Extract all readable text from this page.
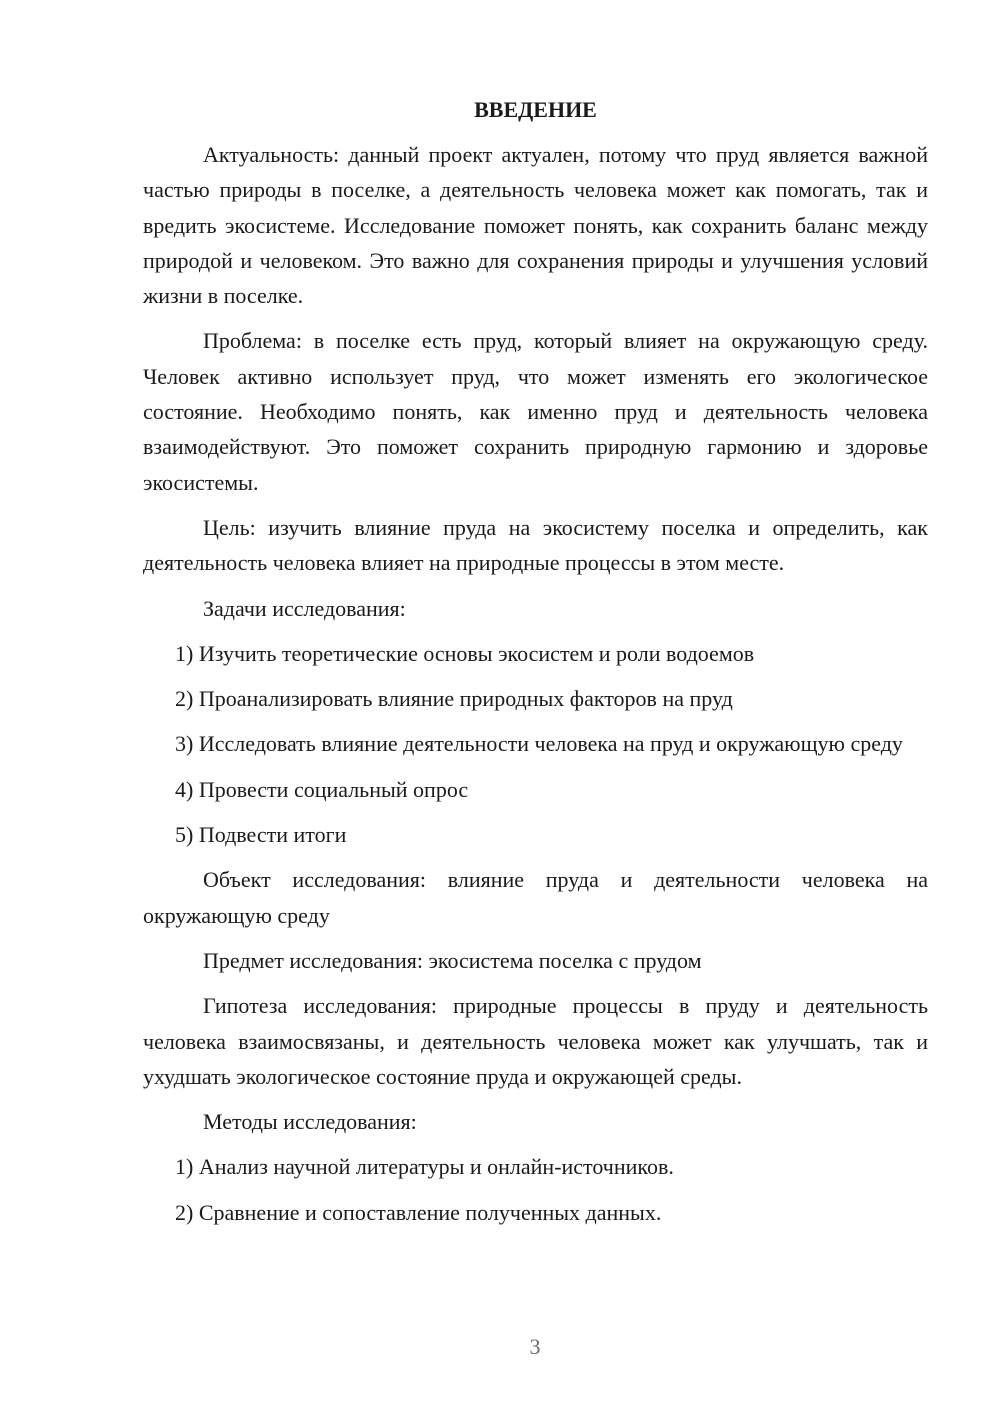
ВВЕДЕНИЕ

Актуальность: данный проект актуален, потому что пруд является важной частью природы в поселке, а деятельность человека может как помогать, так и вредить экосистеме. Исследование поможет понять, как сохранить баланс между природой и человеком. Это важно для сохранения природы и улучшения условий жизни в поселке.

Проблема: в поселке есть пруд, который влияет на окружающую среду. Человек активно использует пруд, что может изменять его экологическое состояние. Необходимо понять, как именно пруд и деятельность человека взаимодействуют. Это поможет сохранить природную гармонию и здоровье экосистемы.

Цель: изучить влияние пруда на экосистему поселка и определить, как деятельность человека влияет на природные процессы в этом месте.

Задачи исследования:

1) Изучить теоретические основы экосистем и роли водоемов

2) Проанализировать влияние природных факторов на пруд

3) Исследовать влияние деятельности человека на пруд и окружающую среду

4) Провести социальный опрос

5) Подвести итоги

Объект исследования: влияние пруда и деятельности человека на окружающую среду

Предмет исследования: экосистема поселка с прудом

Гипотеза исследования: природные процессы в пруду и деятельность человека взаимосвязаны, и деятельность человека может как улучшать, так и ухудшать экологическое состояние пруда и окружающей среды.

Методы исследования:

1) Анализ научной литературы и онлайн-источников.

2) Сравнение и сопоставление полученных данных.

3
